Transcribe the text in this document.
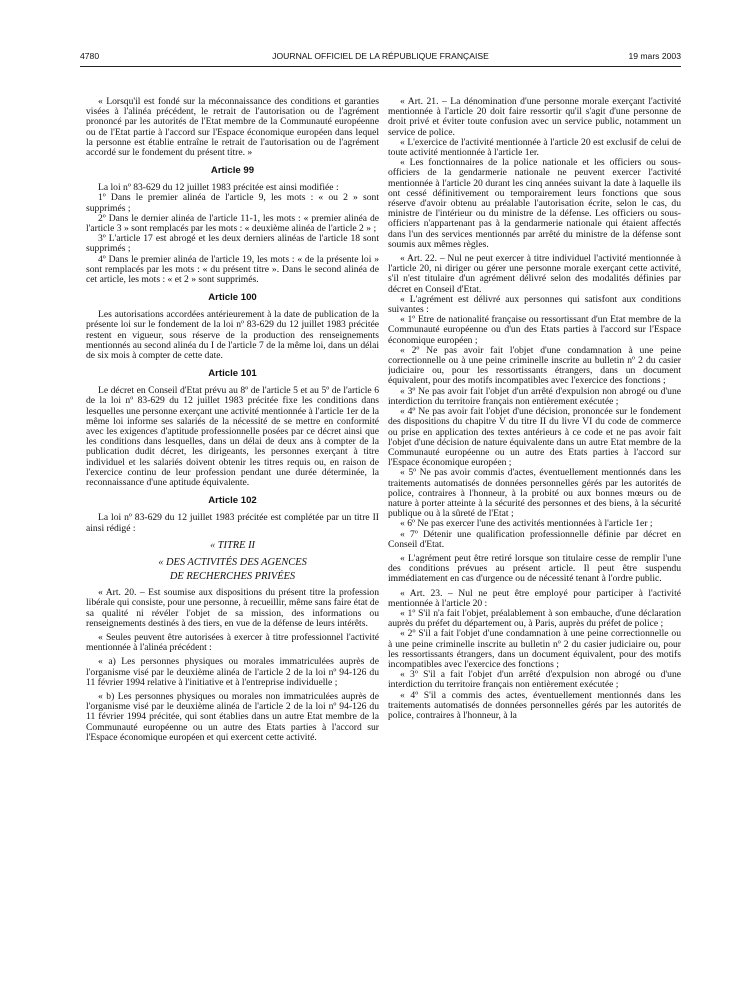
4780	JOURNAL OFFICIEL DE LA RÉPUBLIQUE FRANÇAISE	19 mars 2003

« Lorsqu'il est fondé sur la méconnaissance des conditions et garanties visées à l'alinéa précédent, le retrait de l'autorisation ou de l'agrément prononcé par les autorités de l'Etat membre de la Communauté européenne ou de l'Etat partie à l'accord sur l'Espace économique européen dans lequel la personne est établie entraîne le retrait de l'autorisation ou de l'agrément accordé sur le fondement du présent titre. »

Article 99

La loi nº 83-629 du 12 juillet 1983 précitée est ainsi modifiée :

1º Dans le premier alinéa de l'article 9, les mots : « ou 2 » sont supprimés ;

2º Dans le dernier alinéa de l'article 11-1, les mots : « premier alinéa de l'article 3 » sont remplacés par les mots : « deuxième alinéa de l'article 2 » ;

3º L'article 17 est abrogé et les deux derniers alinéas de l'article 18 sont supprimés ;

4º Dans le premier alinéa de l'article 19, les mots : « de la présente loi » sont remplacés par les mots : « du présent titre ». Dans le second alinéa de cet article, les mots : « et 2 » sont supprimés.

Article 100

Les autorisations accordées antérieurement à la date de publication de la présente loi sur le fondement de la loi nº 83-629 du 12 juillet 1983 précitée restent en vigueur, sous réserve de la production des renseignements mentionnés au second alinéa du I de l'article 7 de la même loi, dans un délai de six mois à compter de cette date.

Article 101

Le décret en Conseil d'Etat prévu au 8º de l'article 5 et au 5º de l'article 6 de la loi nº 83-629 du 12 juillet 1983 précitée fixe les conditions dans lesquelles une personne exerçant une activité mentionnée à l'article 1er de la même loi informe ses salariés de la nécessité de se mettre en conformité avec les exigences d'aptitude professionnelle posées par ce décret ainsi que les conditions dans lesquelles, dans un délai de deux ans à compter de la publication dudit décret, les dirigeants, les personnes exerçant à titre individuel et les salariés doivent obtenir les titres requis ou, en raison de l'exercice continu de leur profession pendant une durée déterminée, la reconnaissance d'une aptitude équivalente.

Article 102

La loi nº 83-629 du 12 juillet 1983 précitée est complétée par un titre II ainsi rédigé :

« TITRE II
« DES ACTIVITÉS DES AGENCES
DE RECHERCHES PRIVÉES

« Art. 20. – Est soumise aux dispositions du présent titre la profession libérale qui consiste, pour une personne, à recueillir, même sans faire état de sa qualité ni révéler l'objet de sa mission, des informations ou renseignements destinés à des tiers, en vue de la défense de leurs intérêts.

« Seules peuvent être autorisées à exercer à titre professionnel l'activité mentionnée à l'alinéa précédent :

« a) Les personnes physiques ou morales immatriculées auprès de l'organisme visé par le deuxième alinéa de l'article 2 de la loi nº 94-126 du 11 février 1994 relative à l'initiative et à l'entreprise individuelle ;

« b) Les personnes physiques ou morales non immatriculées auprès de l'organisme visé par le deuxième alinéa de l'article 2 de la loi nº 94-126 du 11 février 1994 précitée, qui sont établies dans un autre Etat membre de la Communauté européenne ou un autre des Etats parties à l'accord sur l'Espace économique européen et qui exercent cette activité.

« Art. 21. – La dénomination d'une personne morale exerçant l'activité mentionnée à l'article 20 doit faire ressortir qu'il s'agit d'une personne de droit privé et éviter toute confusion avec un service public, notamment un service de police.

« L'exercice de l'activité mentionnée à l'article 20 est exclusif de celui de toute activité mentionnée à l'article 1er.

« Les fonctionnaires de la police nationale et les officiers ou sous-officiers de la gendarmerie nationale ne peuvent exercer l'activité mentionnée à l'article 20 durant les cinq années suivant la date à laquelle ils ont cessé définitivement ou temporairement leurs fonctions que sous réserve d'avoir obtenu au préalable l'autorisation écrite, selon le cas, du ministre de l'intérieur ou du ministre de la défense. Les officiers ou sous-officiers n'appartenant pas à la gendarmerie nationale qui étaient affectés dans l'un des services mentionnés par arrêté du ministre de la défense sont soumis aux mêmes règles.

« Art. 22. – Nul ne peut exercer à titre individuel l'activité mentionnée à l'article 20, ni diriger ou gérer une personne morale exerçant cette activité, s'il n'est titulaire d'un agrément délivré selon des modalités définies par décret en Conseil d'Etat.

« L'agrément est délivré aux personnes qui satisfont aux conditions suivantes :

« 1º Etre de nationalité française ou ressortissant d'un Etat membre de la Communauté européenne ou d'un des Etats parties à l'accord sur l'Espace économique européen ;

« 2º Ne pas avoir fait l'objet d'une condamnation à une peine correctionnelle ou à une peine criminelle inscrite au bulletin nº 2 du casier judiciaire ou, pour les ressortissants étrangers, dans un document équivalent, pour des motifs incompatibles avec l'exercice des fonctions ;

« 3º Ne pas avoir fait l'objet d'un arrêté d'expulsion non abrogé ou d'une interdiction du territoire français non entièrement exécutée ;

« 4º Ne pas avoir fait l'objet d'une décision, prononcée sur le fondement des dispositions du chapitre V du titre II du livre VI du code de commerce ou prise en application des textes antérieurs à ce code et ne pas avoir fait l'objet d'une décision de nature équivalente dans un autre Etat membre de la Communauté européenne ou un autre des Etats parties à l'accord sur l'Espace économique européen ;

« 5º Ne pas avoir commis d'actes, éventuellement mentionnés dans les traitements automatisés de données personnelles gérés par les autorités de police, contraires à l'honneur, à la probité ou aux bonnes mœurs ou de nature à porter atteinte à la sécurité des personnes et des biens, à la sécurité publique ou à la sûreté de l'Etat ;

« 6º Ne pas exercer l'une des activités mentionnées à l'article 1er ;

« 7º Détenir une qualification professionnelle définie par décret en Conseil d'Etat.

« L'agrément peut être retiré lorsque son titulaire cesse de remplir l'une des conditions prévues au présent article. Il peut être suspendu immédiatement en cas d'urgence ou de nécessité tenant à l'ordre public.

« Art. 23. – Nul ne peut être employé pour participer à l'activité mentionnée à l'article 20 :

« 1º S'il n'a fait l'objet, préalablement à son embauche, d'une déclaration auprès du préfet du département ou, à Paris, auprès du préfet de police ;

« 2º S'il a fait l'objet d'une condamnation à une peine correctionnelle ou à une peine criminelle inscrite au bulletin nº 2 du casier judiciaire ou, pour les ressortissants étrangers, dans un document équivalent, pour des motifs incompatibles avec l'exercice des fonctions ;

« 3º S'il a fait l'objet d'un arrêté d'expulsion non abrogé ou d'une interdiction du territoire français non entièrement exécutée ;

« 4º S'il a commis des actes, éventuellement mentionnés dans les traitements automatisés de données personnelles gérés par les autorités de police, contraires à l'honneur, à la
